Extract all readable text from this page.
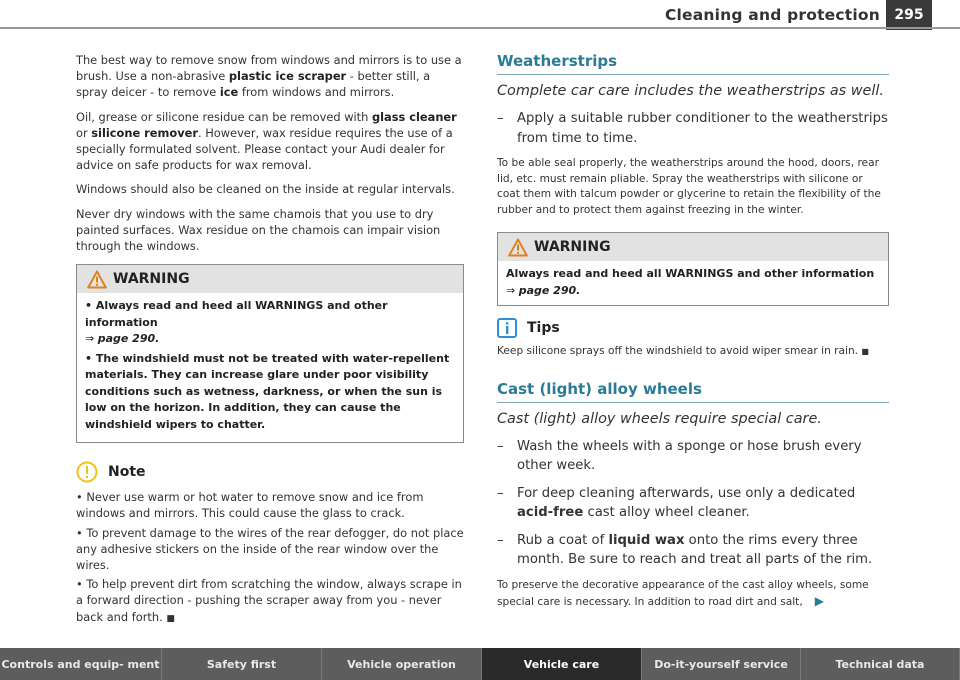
Cleaning and protection	295

The best way to remove snow from windows and mirrors is to use a brush. Use a non-abrasive plastic ice scraper - better still, a spray deicer - to remove ice from windows and mirrors.

Oil, grease or silicone residue can be removed with glass cleaner or silicone remover. However, wax residue requires the use of a specially formulated solvent. Please contact your Audi dealer for advice on safe products for wax removal.

Windows should also be cleaned on the inside at regular intervals.

Never dry windows with the same chamois that you use to dry painted surfaces. Wax residue on the chamois can impair vision through the windows.

WARNING
• Always read and heed all WARNINGS and other information
⇒ page 290.
• The windshield must not be treated with water-repellent materials. They can increase glare under poor visibility conditions such as wetness, darkness, or when the sun is low on the horizon. In addition, they can cause the windshield wipers to chatter.
Note
• Never use warm or hot water to remove snow and ice from windows and mirrors. This could cause the glass to crack.
• To prevent damage to the wires of the rear defogger, do not place any adhesive stickers on the inside of the rear window over the wires.
• To help prevent dirt from scratching the window, always scrape in a forward direction - pushing the scraper away from you - never back and forth. ■
Weatherstrips
Complete car care includes the weatherstrips as well.
– Apply a suitable rubber conditioner to the weatherstrips from time to time.

To be able seal properly, the weatherstrips around the hood, doors, rear lid, etc. must remain pliable. Spray the weatherstrips with silicone or coat them with talcum powder or glycerine to retain the flexibility of the rubber and to protect them against freezing in the winter.

WARNING
Always read and heed all WARNINGS and other information
⇒ page 290.
Tips

Keep silicone sprays off the windshield to avoid wiper smear in rain. ■

Cast (light) alloy wheels
Cast (light) alloy wheels require special care.
– Wash the wheels with a sponge or hose brush every other week.
– For deep cleaning afterwards, use only a dedicated acid-free cast alloy wheel cleaner.
– Rub a coat of liquid wax onto the rims every three month. Be sure to reach and treat all parts of the rim.

To preserve the decorative appearance of the cast alloy wheels, some special care is necessary. In addition to road dirt and salt, ▶

Controls and equip- ment	Safety first	Vehicle operation	Vehicle care	Do-it-yourself service	Technical data
